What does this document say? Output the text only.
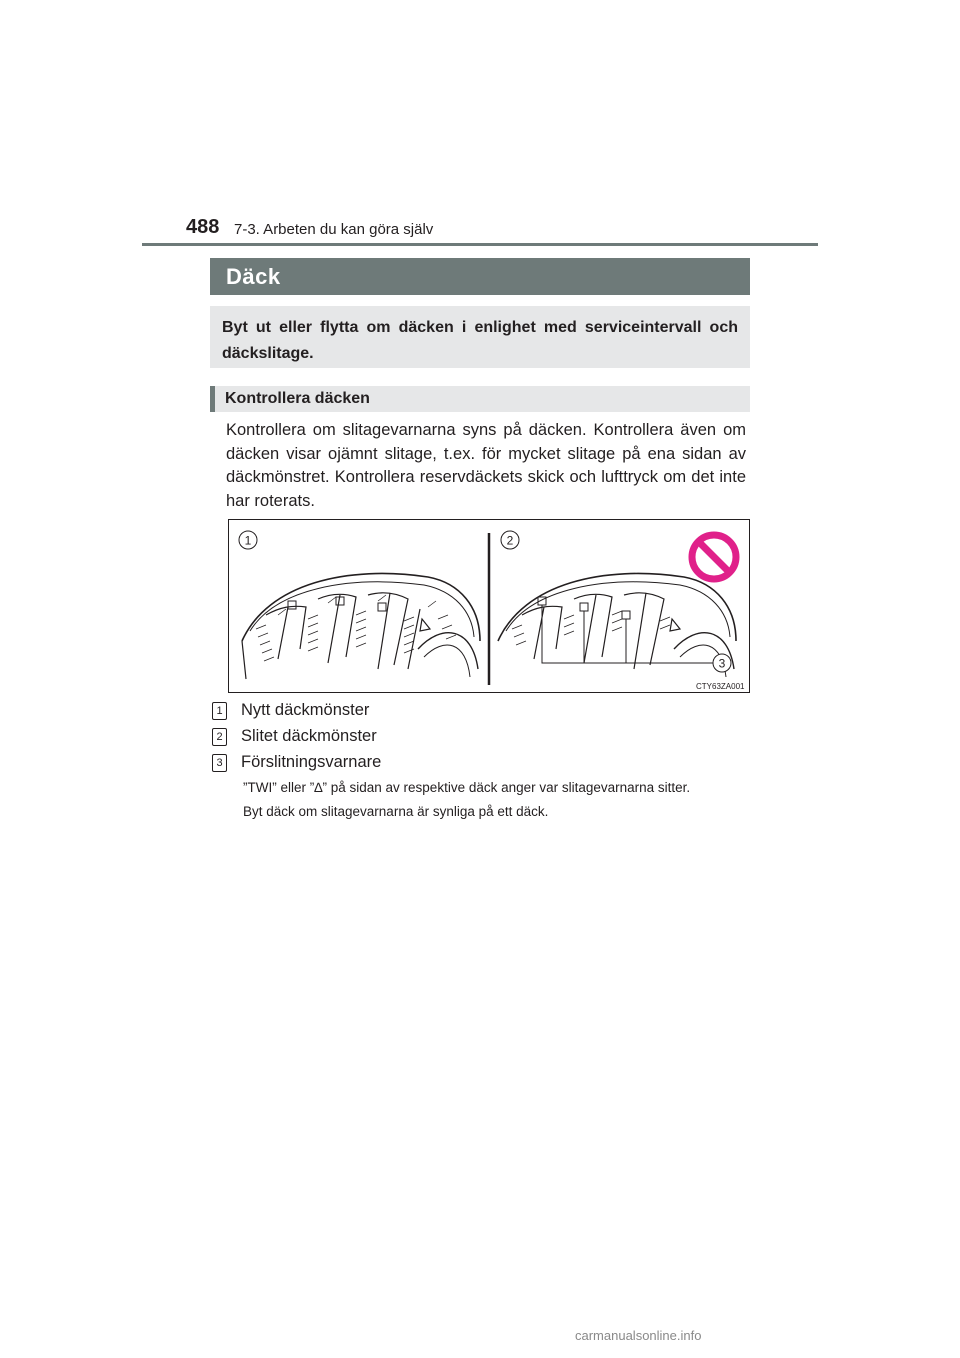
488 7-3. Arbeten du kan göra själv
Däck
Byt ut eller flytta om däcken i enlighet med serviceintervall och däckslitage.
Kontrollera däcken
Kontrollera om slitagevarnarna syns på däcken. Kontrollera även om däcken visar ojämnt slitage, t.ex. för mycket slitage på ena sidan av däckmönstret. Kontrollera reservdäckets skick och lufttryck om det inte har roterats.
1	2
3
CTY63ZA001
1 Nytt däckmönster
2 Slitet däckmönster
3 Förslitningsvarnare
”TWI” eller ”∆” på sidan av respektive däck anger var slitagevarnarna sitter.
Byt däck om slitagevarnarna är synliga på ett däck.
carmanualsonline.info
